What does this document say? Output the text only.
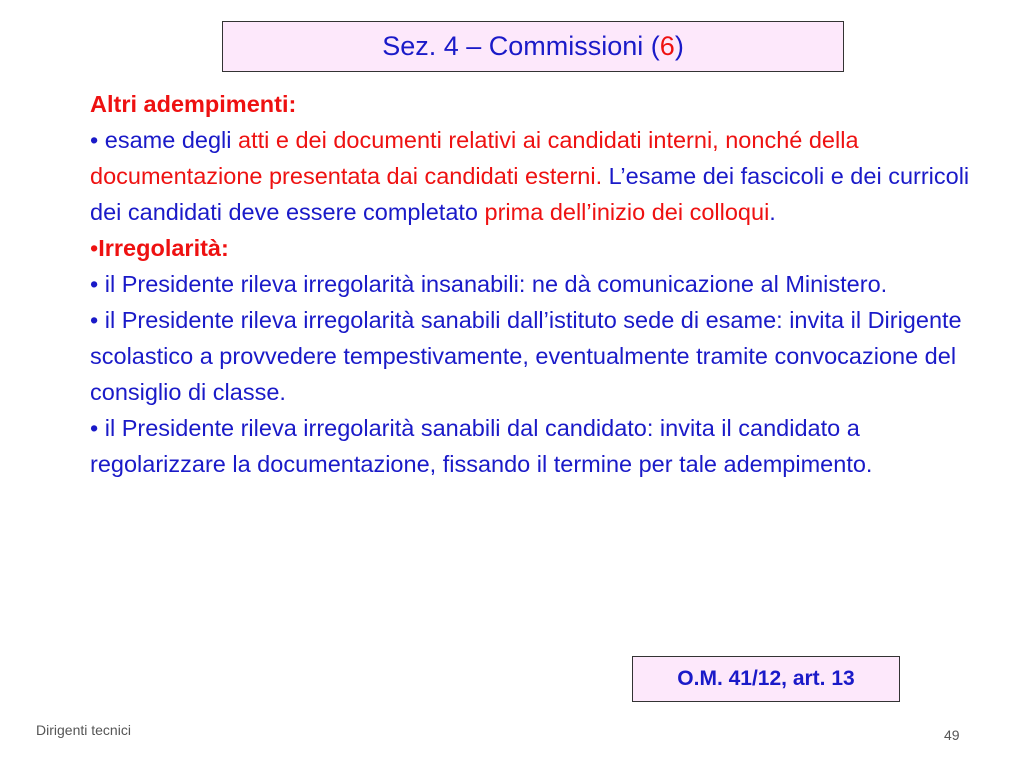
Sez. 4 – Commissioni ( 6 )

Altri adempimenti:

• esame degli atti e dei documenti relativi ai candidati interni, nonché della documentazione presentata dai candidati esterni. L’esame dei fascicoli e dei curricoli dei candidati deve essere completato prima dell’inizio dei colloqui.

•Irregolarità:

• il Presidente rileva irregolarità insanabili: ne dà comunicazione al Ministero.

• il Presidente rileva irregolarità sanabili dall’istituto sede di esame: invita il Dirigente scolastico a provvedere tempestivamente, eventualmente tramite convocazione del consiglio di classe.

• il Presidente rileva irregolarità sanabili dal candidato: invita il candidato a regolarizzare la documentazione, fissando il termine per tale adempimento.

O.M. 41/12, art. 13
Dirigenti tecnici	49
